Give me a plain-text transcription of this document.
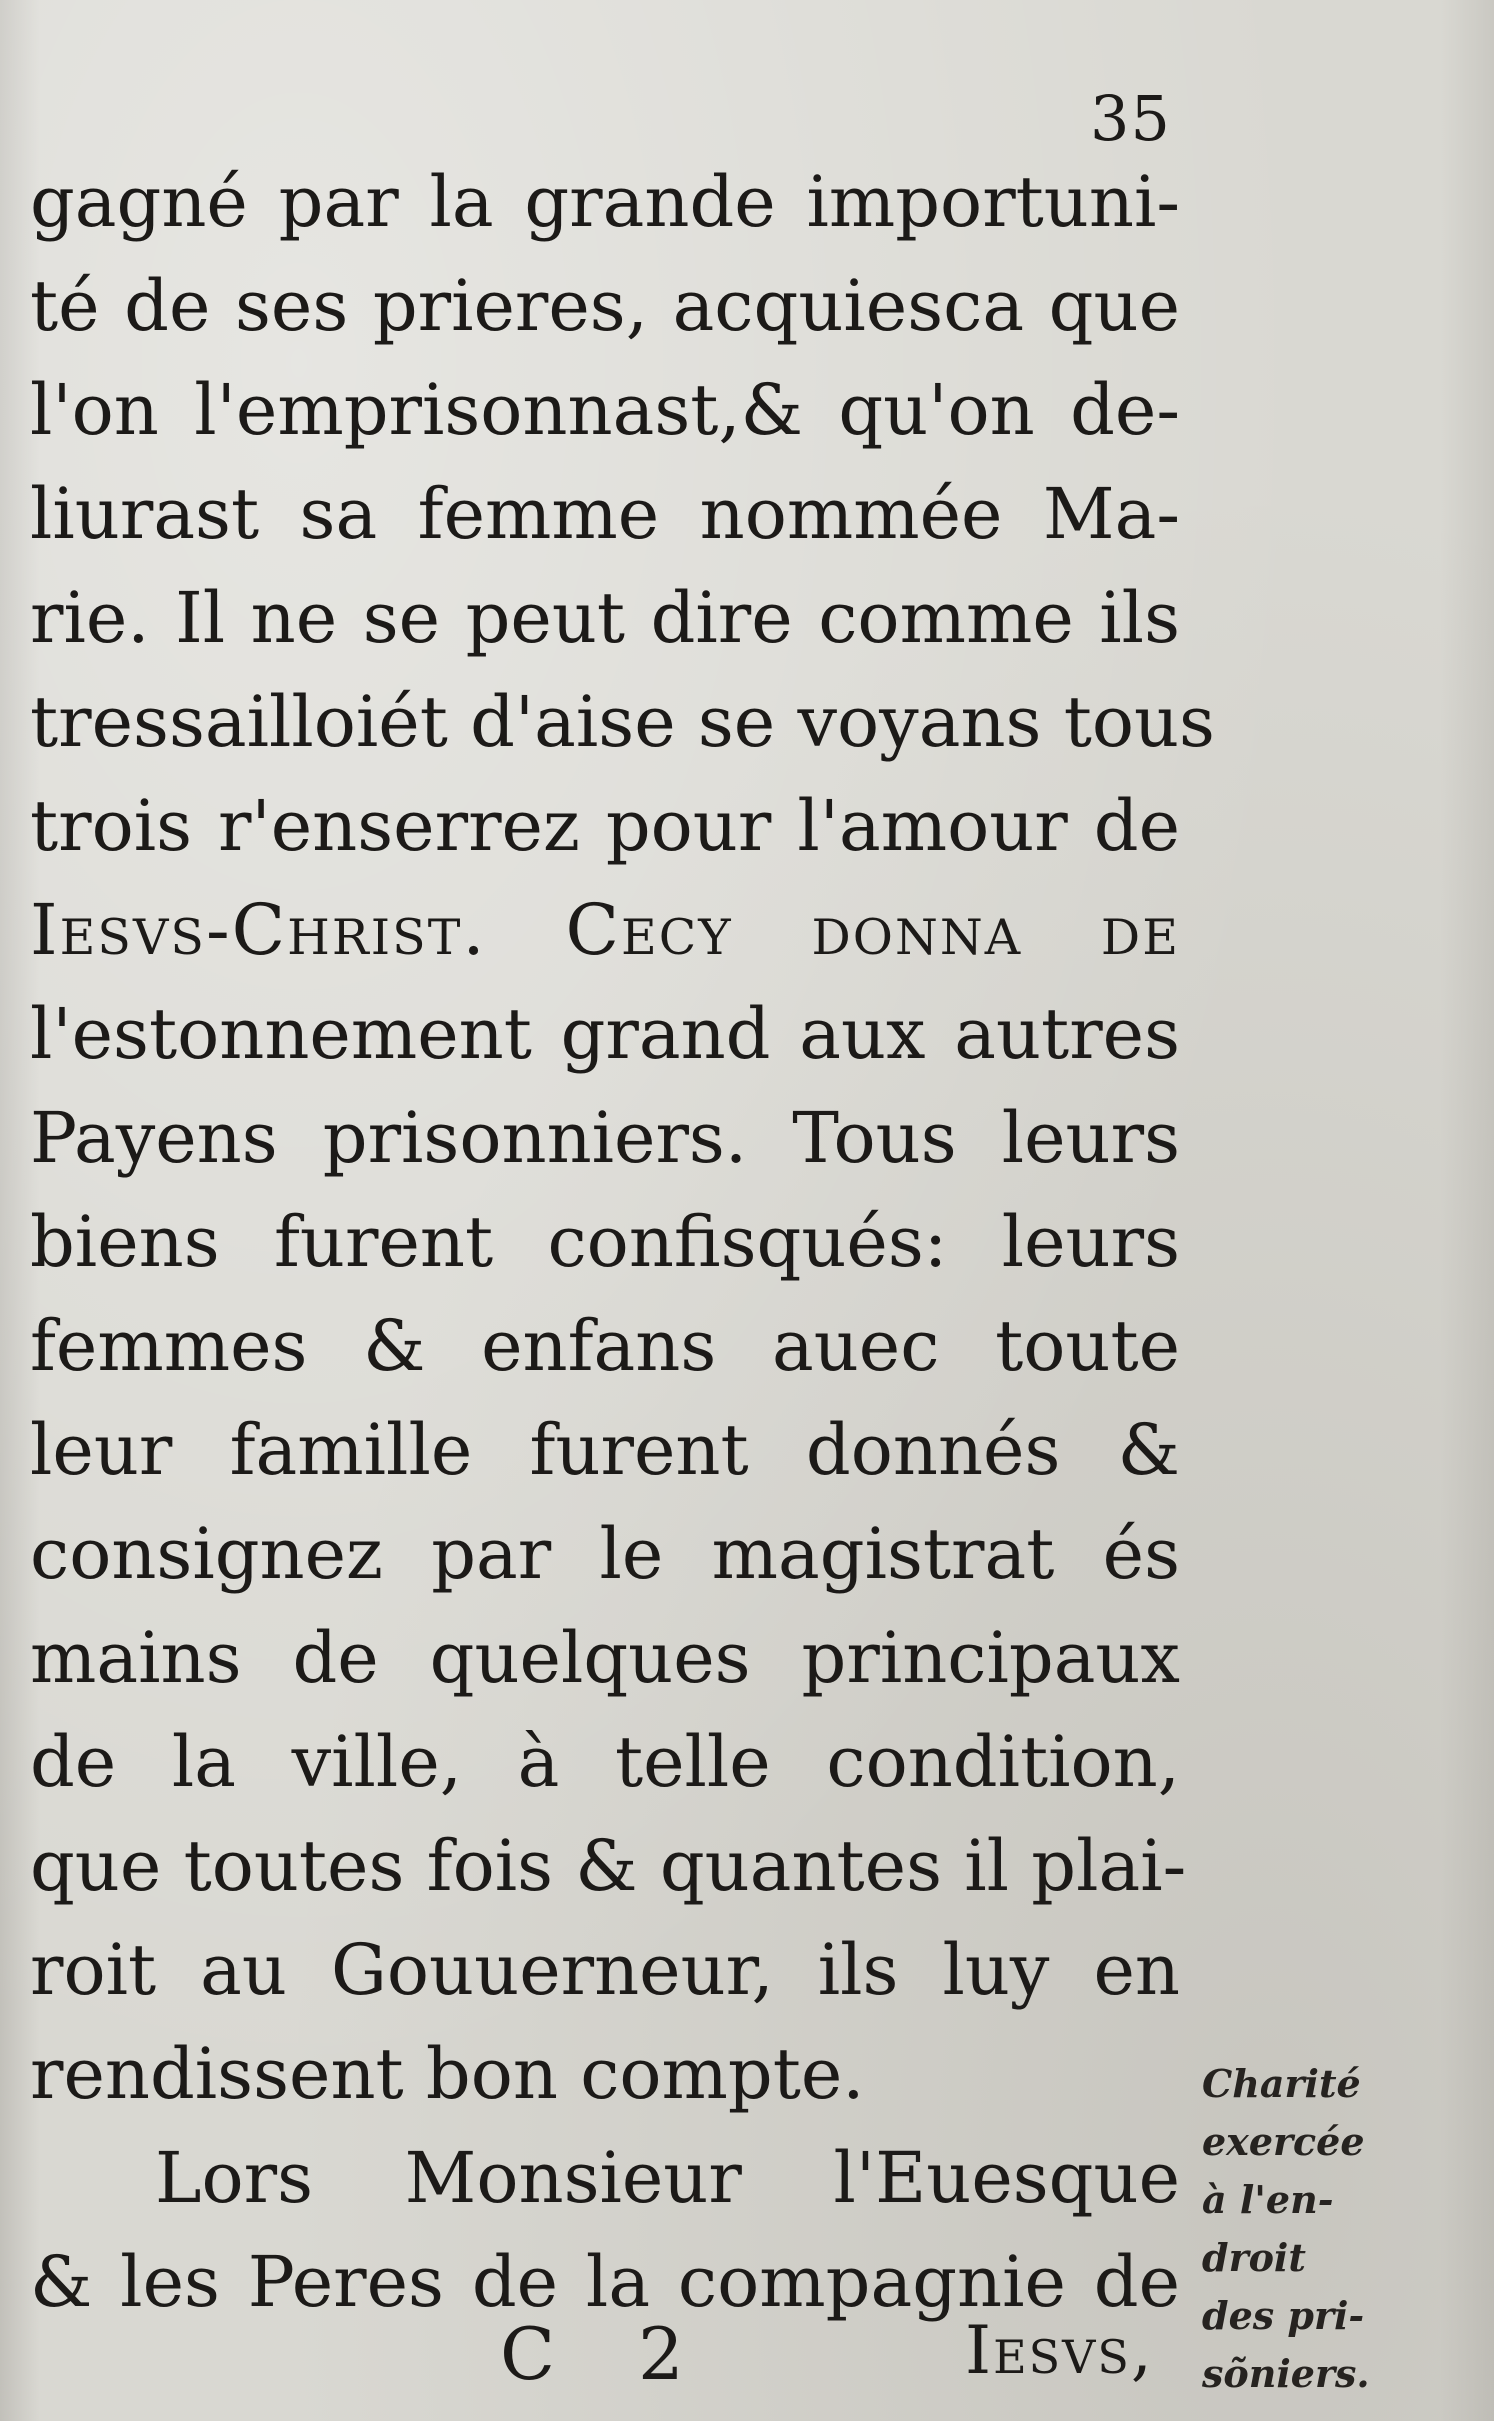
35
gagné par la grande importuni-
té de ses prieres, acquiesca que
l'on l'emprisonnast,& qu'on de-
liurast sa femme nommée Ma-
rie. Il ne se peut dire comme ils
tressailloiét d'aise se voyans tous
trois r'enserrez pour l'amour de
Iesvs-Christ. Cecy donna de
l'estonnement grand aux autres
Payens prisonniers. Tous leurs
biens furent confisqués: leurs
femmes & enfans auec toute
leur famille furent donnés &
consignez par le magistrat és
mains de quelques principaux
de la ville, à telle condition,
que toutes fois & quantes il plai-
roit au Gouuerneur, ils luy en
rendissent bon compte.
Lors Monsieur l'Euesque
& les Peres de la compagnie de
Charité
exercée
à l'en-
droit
des pri-
sõniers.
C 2	Iesvs,
